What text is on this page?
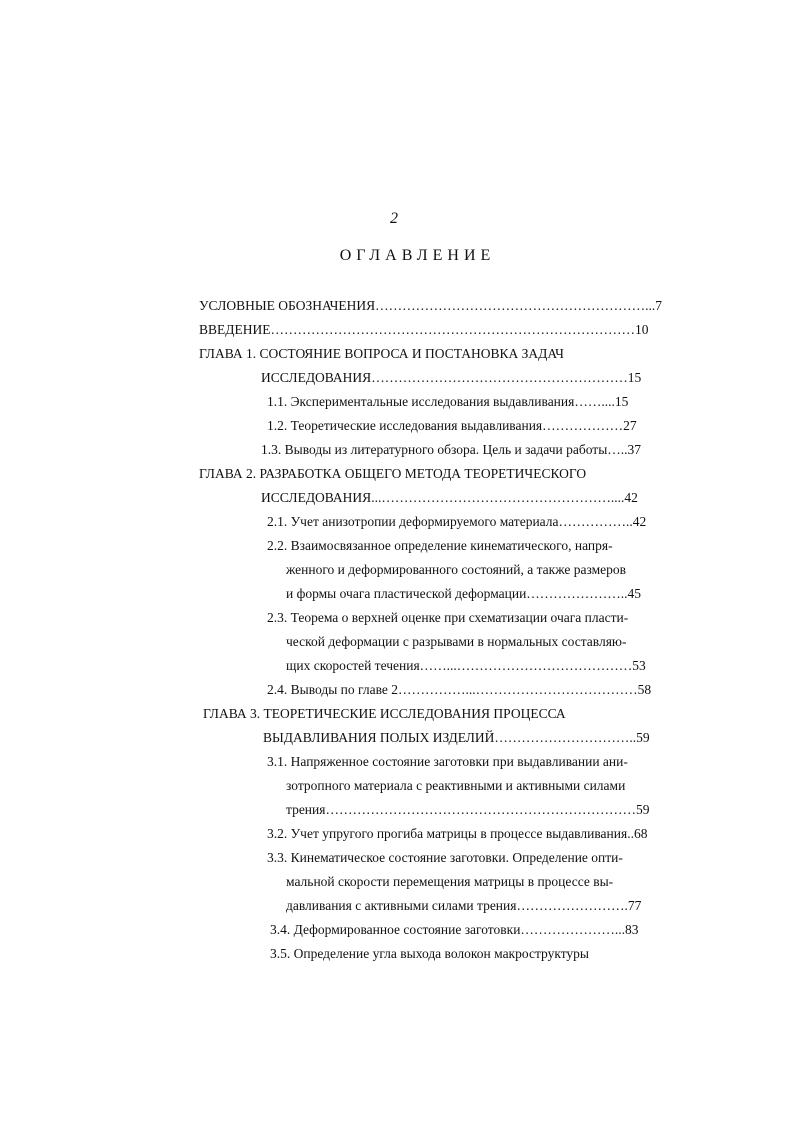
2
ОГЛАВЛЕНИЕ
УСЛОВНЫЕ ОБОЗНАЧЕНИЯ……………………………………………………...7
ВВЕДЕНИЕ………………………………………………………………………10
ГЛАВА 1. СОСТОЯНИЕ ВОПРОСА И ПОСТАНОВКА ЗАДАЧ
ИССЛЕДОВАНИЯ…………………………………………………15
1.1. Экспериментальные исследования выдавливания……....15
1.2. Теоретические исследования выдавливания………………27
1.3. Выводы из литературного обзора. Цель и задачи работы…..37
ГЛАВА 2. РАЗРАБОТКА ОБЩЕГО МЕТОДА ТЕОРЕТИЧЕСКОГО
ИССЛЕДОВАНИЯ...……………………………………………....42
2.1. Учет анизотропии деформируемого материала……………..42
2.2. Взаимосвязанное определение кинематического, напря-
женного и деформированного состояний, а также размеров
и формы очага пластической деформации…………………..45
2.3. Теорема о верхней оценке при схематизации очага пласти-
ческой деформации с разрывами в нормальных составляю-
щих скоростей течения……...…………………………………53
2.4. Выводы по главе 2……………...………………………………58
ГЛАВА 3. ТЕОРЕТИЧЕСКИЕ ИССЛЕДОВАНИЯ ПРОЦЕССА
ВЫДАВЛИВАНИЯ ПОЛЫХ ИЗДЕЛИЙ…………………………..59
3.1. Напряженное состояние заготовки при выдавливании ани-
зотропного материала с реактивными и активными силами
трения……………………………………………………………59
3.2. Учет упругого прогиба матрицы в процессе выдавливания..68
3.3. Кинематическое состояние заготовки. Определение опти-
мальной скорости перемещения матрицы в процессе вы-
давливания с активными силами трения…………………….77
3.4. Деформированное состояние заготовки…………………...83
3.5. Определение угла выхода волокон макроструктуры
